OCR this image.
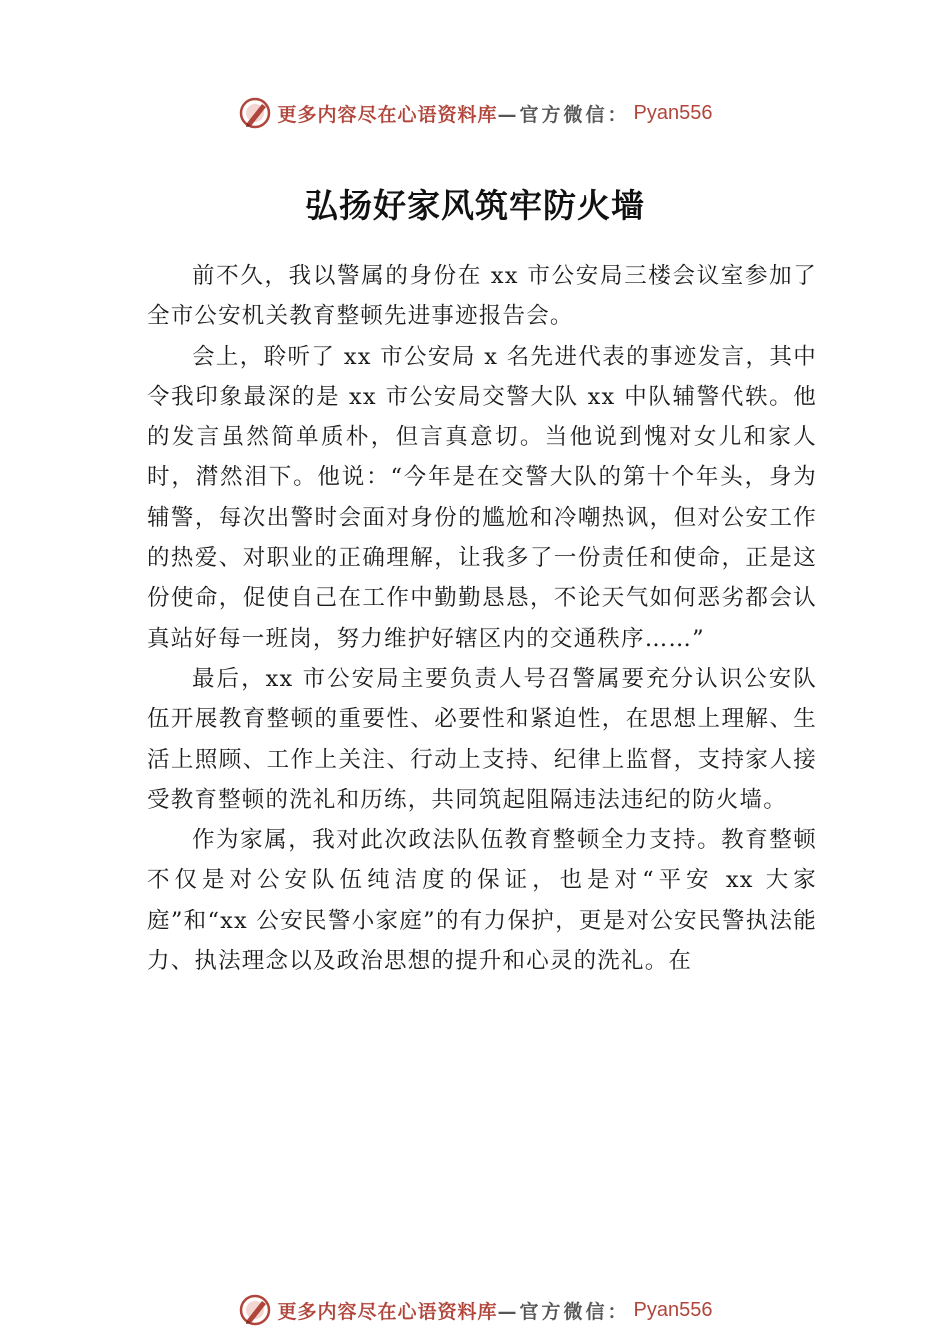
更多内容尽在心语资料库 —官方微信： Pyan556
弘扬好家风筑牢防火墙

前不久，我以警属的身份在 xx 市公安局三楼会议室参加了全市公安机关教育整顿先进事迹报告会。

会上，聆听了 xx 市公安局 x 名先进代表的事迹发言，其中令我印象最深的是 xx 市公安局交警大队 xx 中队辅警代轶。他的发言虽然简单质朴，但言真意切。当他说到愧对女儿和家人时，潸然泪下。他说：“今年是在交警大队的第十个年头，身为辅警，每次出警时会面对身份的尴尬和冷嘲热讽，但对公安工作的热爱、对职业的正确理解，让我多了一份责任和使命，正是这份使命，促使自己在工作中勤勤恳恳，不论天气如何恶劣都会认真站好每一班岗，努力维护好辖区内的交通秩序……”

最后，xx 市公安局主要负责人号召警属要充分认识公安队伍开展教育整顿的重要性、必要性和紧迫性，在思想上理解、生活上照顾、工作上关注、行动上支持、纪律上监督，支持家人接受教育整顿的洗礼和历练，共同筑起阻隔违法违纪的防火墙。

作为家属，我对此次政法队伍教育整顿全力支持。教育整顿不仅是对公安队伍纯洁度的保证，也是对“平安 xx 大家庭”和“xx 公安民警小家庭”的有力保护，更是对公安民警执法能力、执法理念以及政治思想的提升和心灵的洗礼。在

更多内容尽在心语资料库 —官方微信： Pyan556
